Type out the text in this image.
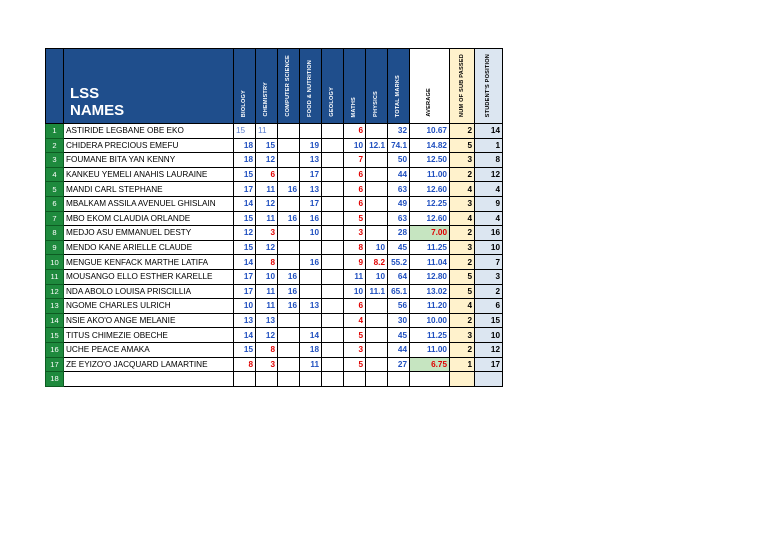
	LSS
NAMES	BIOLOGY	CHEMISTRY	COMPUTER SCIENCE	FOOD & NUTRITION	GEOLOGY	MATHS	PHYSICS	TOTAL MARKS	AVERAGE	NUM OF SUB PASSED	STUDENT'S POSITION
1	ASTIRIDE LEGBANE OBE EKO	15	11				6		32	10.67	2	14
2	CHIDERA PRECIOUS EMEFU	18	15		19		10	12.1	74.1	14.82	5	1
3	FOUMANE BITA YAN KENNY	18	12		13		7		50	12.50	3	8
4	KANKEU YEMELI ANAHIS LAURAINE	15	6		17		6		44	11.00	2	12
5	MANDI CARL STEPHANE	17	11	16	13		6		63	12.60	4	4
6	MBALKAM ASSILA AVENUEL GHISLAIN	14	12		17		6		49	12.25	3	9
7	MBO EKOM CLAUDIA ORLANDE	15	11	16	16		5		63	12.60	4	4
8	MEDJO ASU EMMANUEL DESTY	12	3		10		3		28	7.00	2	16
9	MENDO KANE ARIELLE CLAUDE	15	12				8	10	45	11.25	3	10
10	MENGUE KENFACK MARTHE LATIFA	14	8		16		9	8.2	55.2	11.04	2	7
11	MOUSANGO ELLO ESTHER KARELLE	17	10	16			11	10	64	12.80	5	3
12	NDA ABOLO LOUISA PRISCILLIA	17	11	16			10	11.1	65.1	13.02	5	2
13	NGOME CHARLES ULRICH	10	11	16	13		6		56	11.20	4	6
14	NSIE AKO'O ANGE MELANIE	13	13				4		30	10.00	2	15
15	TITUS CHIMEZIE OBECHE	14	12		14		5		45	11.25	3	10
16	UCHE PEACE AMAKA	15	8		18		3		44	11.00	2	12
17	ZE EYIZO'O JACQUARD LAMARTINE	8	3		11		5		27	6.75	1	17
18												
